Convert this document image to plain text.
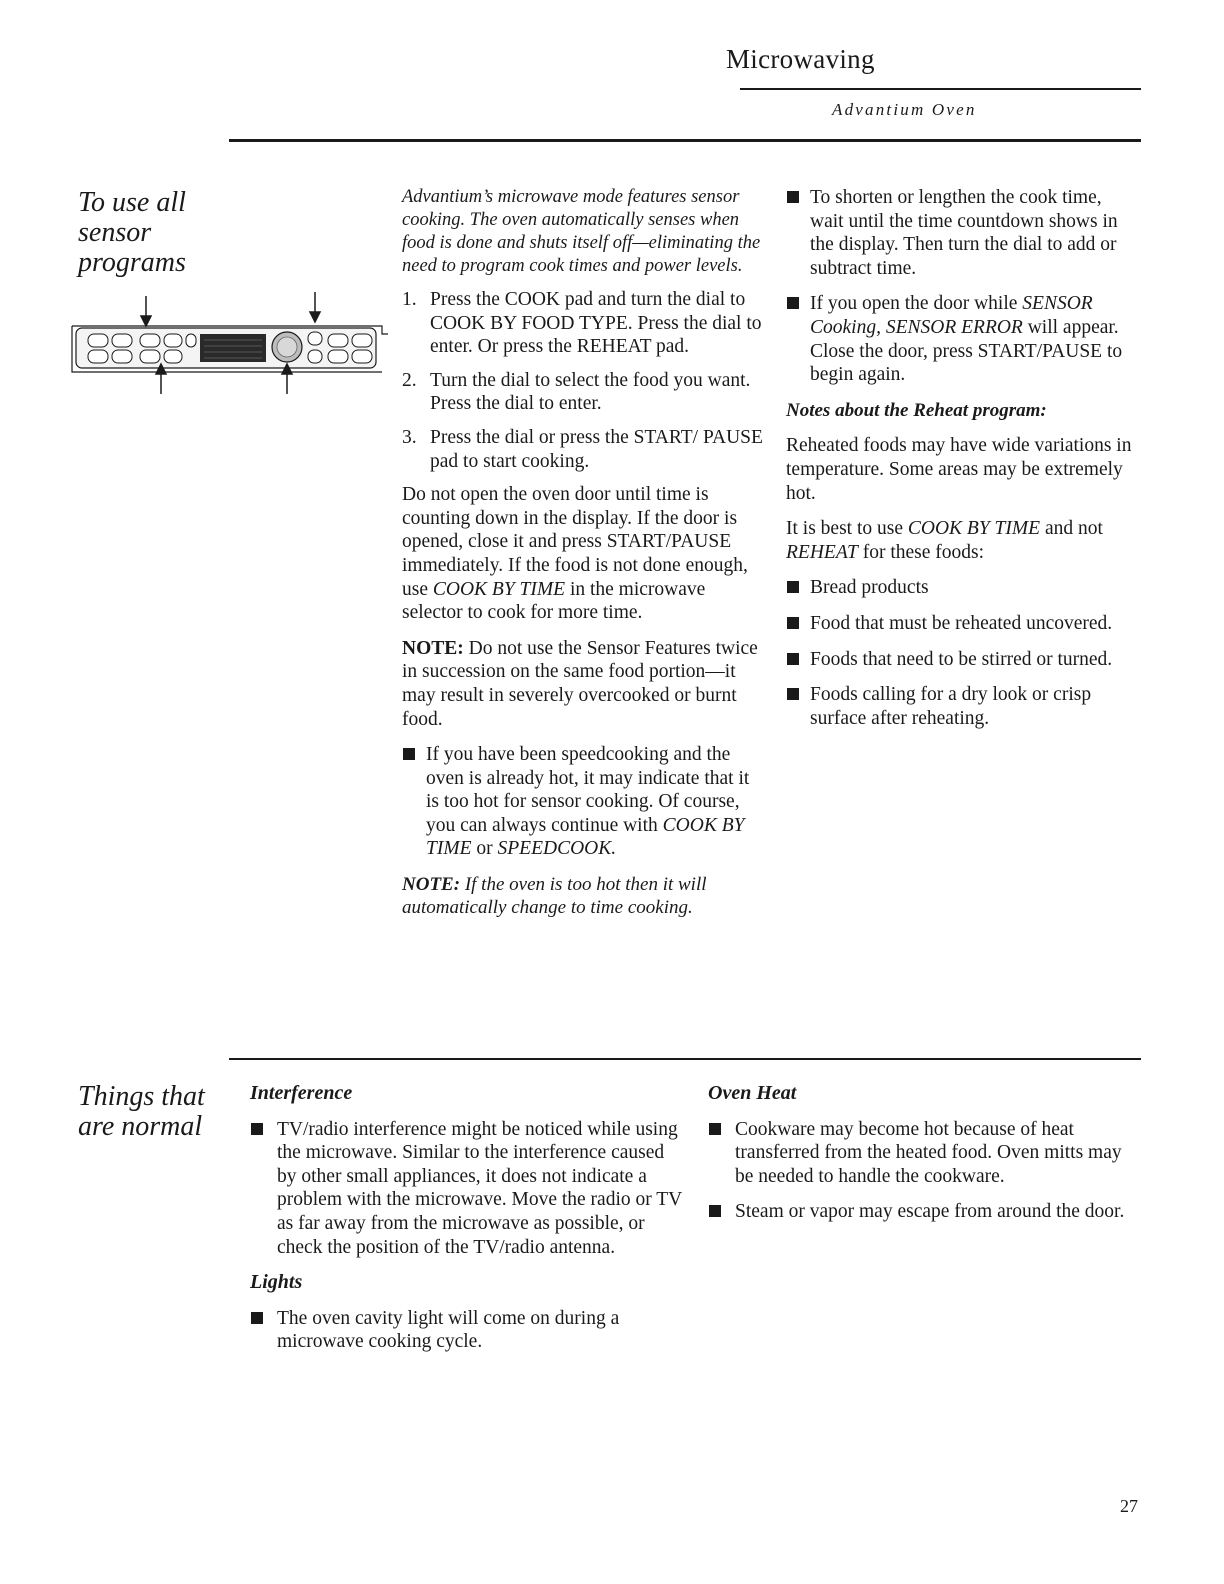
Microwaving
Advantium Oven
To use all
sensor
programs

Advantium’s microwave mode features sensor cooking. The oven automatically senses when food is done and shuts itself off—eliminating the need to program cook times and power levels.

1. Press the COOK pad and turn the dial to COOK BY FOOD TYPE. Press the dial to enter. Or press the REHEAT pad.
2. Turn the dial to select the food you want. Press the dial to enter.
3. Press the dial or press the START/ PAUSE pad to start cooking.

Do not open the oven door until time is counting down in the display. If the door is opened, close it and press START/PAUSE immediately. If the food is not done enough, use COOK BY TIME in the microwave selector to cook for more time.

NOTE: Do not use the Sensor Features twice in succession on the same food portion—it may result in severely overcooked or burnt food.

If you have been speedcooking and the oven is already hot, it may indicate that it is too hot for sensor cooking. Of course, you can always continue with COOK BY TIME or SPEEDCOOK.

NOTE: If the oven is too hot then it will automatically change to time cooking.

To shorten or lengthen the cook time, wait until the time countdown shows in the display. Then turn the dial to add or subtract time.
If you open the door while SENSOR Cooking, SENSOR ERROR will appear. Close the door, press START/PAUSE to begin again.

Notes about the Reheat program:

Reheated foods may have wide variations in temperature. Some areas may be extremely hot.

It is best to use COOK BY TIME and not REHEAT for these foods:

Bread products
Food that must be reheated uncovered.
Foods that need to be stirred or turned.
Foods calling for a dry look or crisp surface after reheating.
Things that
are normal

Interference

TV/radio interference might be noticed while using the microwave. Similar to the interference caused by other small appliances, it does not indicate a problem with the microwave. Move the radio or TV as far away from the microwave as possible, or check the position of the TV/radio antenna.

Lights

The oven cavity light will come on during a microwave cooking cycle.

Oven Heat

Cookware may become hot because of heat transferred from the heated food. Oven mitts may be needed to handle the cookware.
Steam or vapor may escape from around the door.
27
